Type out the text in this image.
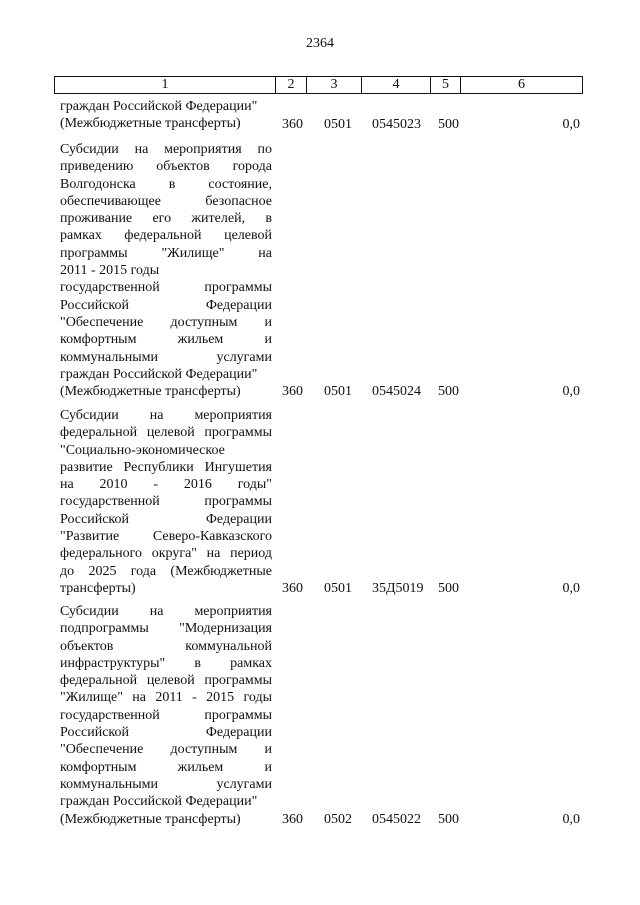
2364
1	2	3	4	5	6
граждан Российской Федерации"
(Межбюджетные трансферты)	360 0501 0545023 500	0,0
Субсидии на мероприятия по
приведению объектов города
Волгодонска в состояние,
обеспечивающее безопасное
проживание его жителей, в
рамках федеральной целевой
программы "Жилище" на
2011 - 2015 годы
государственной программы
Российской Федерации
"Обеспечение доступным и
комфортным жильем и
коммунальными услугами
граждан Российской Федерации"
(Межбюджетные трансферты)	360 0501 0545024 500	0,0
Субсидии на мероприятия
федеральной целевой программы
"Социально-экономическое
развитие Республики Ингушетия
на 2010 - 2016 годы"
государственной программы
Российской Федерации
"Развитие Северо-Кавказского
федерального округа" на период
до 2025 года (Межбюджетные
трансферты)	360 0501 35Д5019 500	0,0
Субсидии на мероприятия
подпрограммы "Модернизация
объектов коммунальной
инфраструктуры" в рамках
федеральной целевой программы
"Жилище" на 2011 - 2015 годы
государственной программы
Российской Федерации
"Обеспечение доступным и
комфортным жильем и
коммунальными услугами
граждан Российской Федерации"
(Межбюджетные трансферты)	360 0502 0545022 500	0,0
